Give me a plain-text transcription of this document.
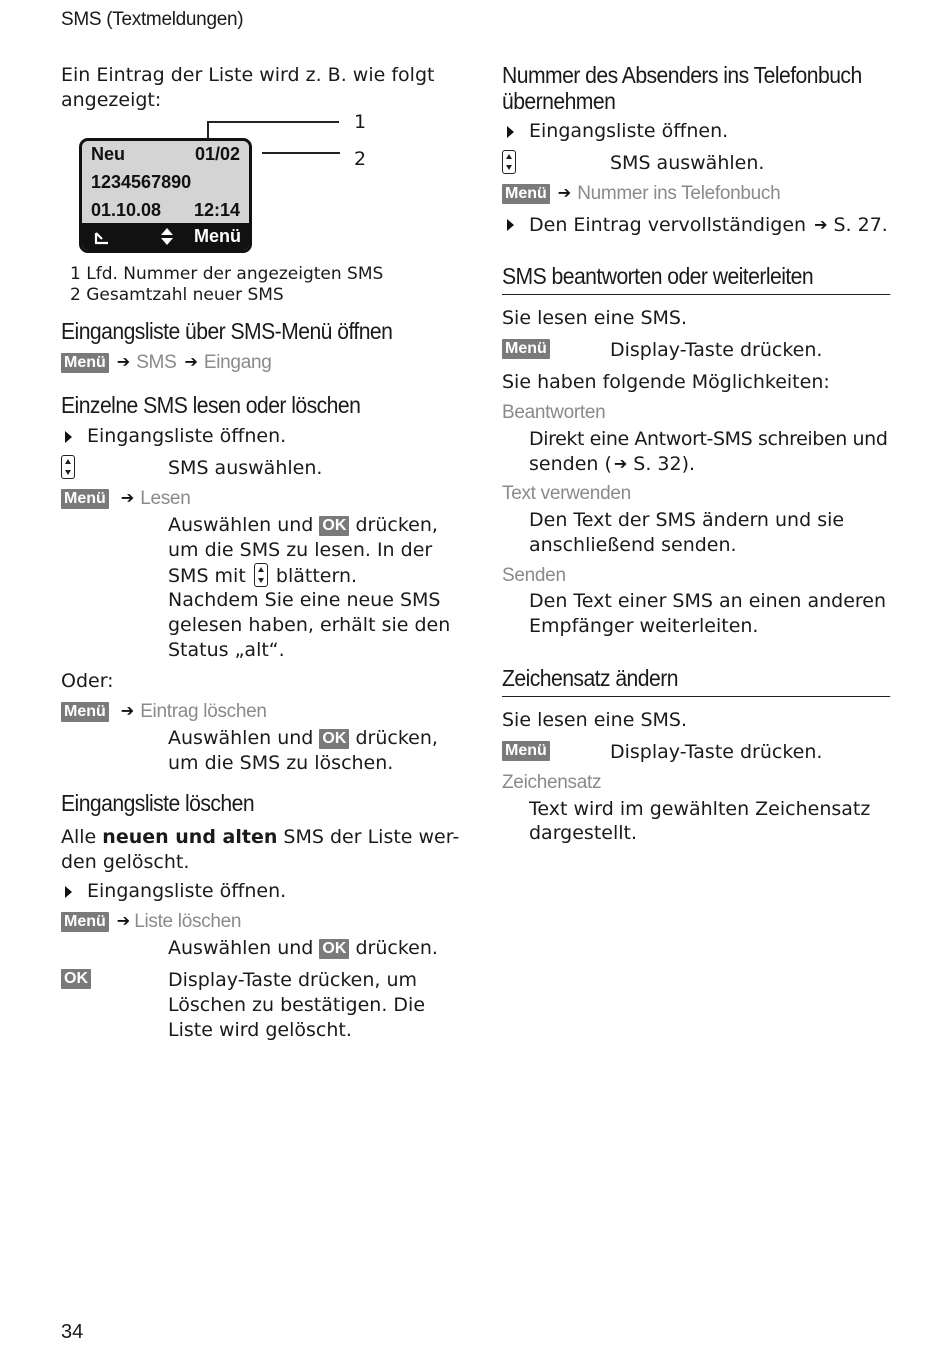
SMS (Textmeldungen)
Ein Eintrag der Liste wird z. B. wie folgt
angezeigt:
Neu	01/02
1234567890
01.10.08 12:14
Menü
1
2
1 Lfd. Nummer der angezeigten SMS
2 Gesamtzahl neuer SMS
Eingangsliste über SMS-Menü öffnen
Menü ➔ SMS ➔ Eingang
Einzelne SMS lesen oder löschen
Eingangsliste öffnen.
SMS auswählen.
Menü ➔ Lesen
Auswählen und OK drücken,
um die SMS zu lesen. In der
SMS mit blättern.
Nachdem Sie eine neue SMS
gelesen haben, erhält sie den
Status „alt“.
Oder:
Menü ➔ Eintrag löschen
Auswählen und OK drücken,
um die SMS zu löschen.
Eingangsliste löschen
Alle neuen und alten SMS der Liste wer-
den gelöscht.
Eingangsliste öffnen.
Menü ➔ Liste löschen
Auswählen und OK drücken.
OK	Display-Taste drücken, um
Löschen zu bestätigen. Die
Liste wird gelöscht.
Nummer des Absenders ins Telefonbuch
übernehmen
Eingangsliste öffnen.
SMS auswählen.
Menü ➔ Nummer ins Telefonbuch
Den Eintrag vervollständigen ➔ S. 27.
SMS beantworten oder weiterleiten
Sie lesen eine SMS.
Menü	Display-Taste drücken.
Sie haben folgende Möglichkeiten:
Beantworten
Direkt eine Antwort-SMS schreiben und
senden ( ➔ S. 32).
Text verwenden
Den Text der SMS ändern und sie
anschließend senden.
Senden
Den Text einer SMS an einen anderen
Empfänger weiterleiten.
Zeichensatz ändern
Sie lesen eine SMS.
Menü	Display-Taste drücken.
Zeichensatz
Text wird im gewählten Zeichensatz
dargestellt.
34
